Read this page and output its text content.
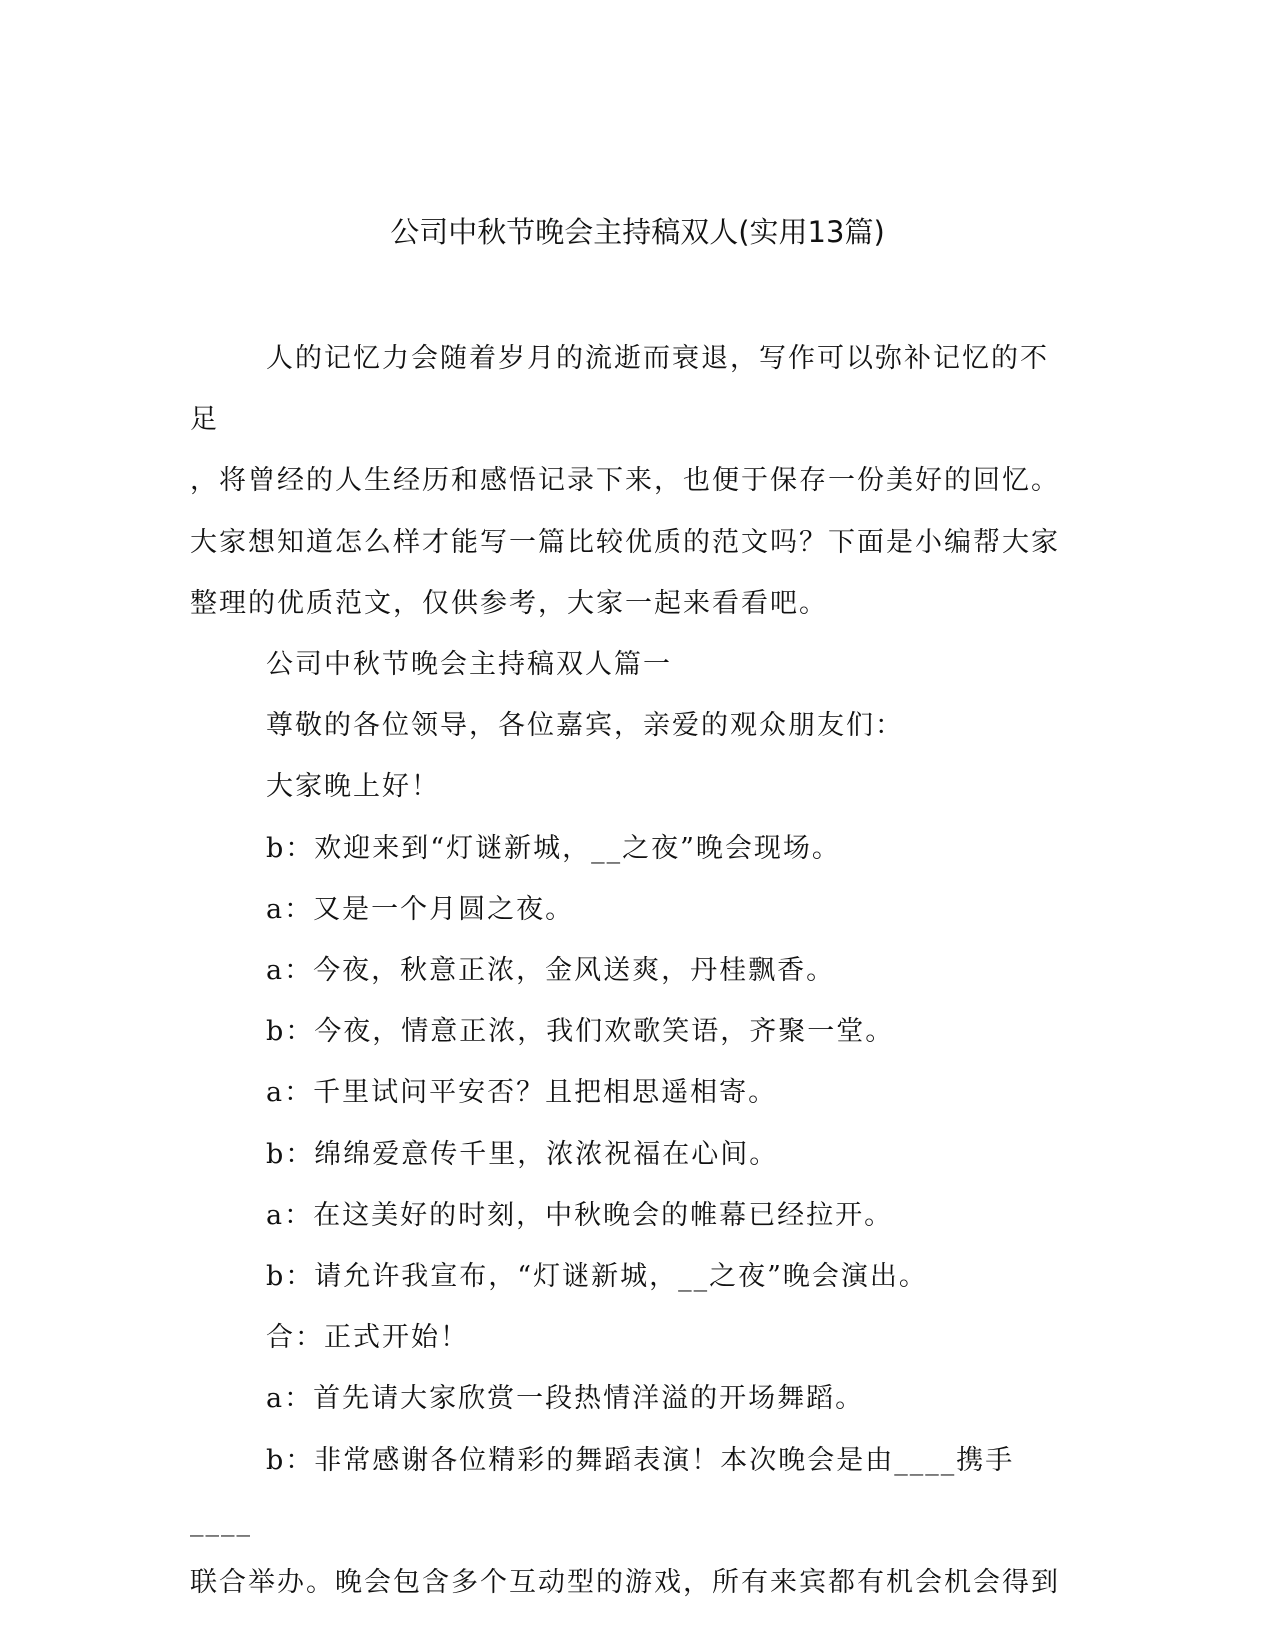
公司中秋节晚会主持稿双人(实用13篇)

人的记忆力会随着岁月的流逝而衰退，写作可以弥补记忆的不足
，将曾经的人生经历和感悟记录下来，也便于保存一份美好的回忆。
大家想知道怎么样才能写一篇比较优质的范文吗？下面是小编帮大家
整理的优质范文，仅供参考，大家一起来看看吧。

公司中秋节晚会主持稿双人篇一

尊敬的各位领导，各位嘉宾，亲爱的观众朋友们：

大家晚上好！

b：欢迎来到“灯谜新城，__之夜”晚会现场。

a：又是一个月圆之夜。

a：今夜，秋意正浓，金风送爽，丹桂飘香。

b：今夜，情意正浓，我们欢歌笑语，齐聚一堂。

a：千里试问平安否？且把相思遥相寄。

b：绵绵爱意传千里，浓浓祝福在心间。

a：在这美好的时刻，中秋晚会的帷幕已经拉开。

b：请允许我宣布，“灯谜新城，__之夜”晚会演出。

合：正式开始！

a：首先请大家欣赏一段热情洋溢的开场舞蹈。

b：非常感谢各位精彩的舞蹈表演！本次晚会是由____携手____
联合举办。晚会包含多个互动型的游戏，所有来宾都有机会机会得到
